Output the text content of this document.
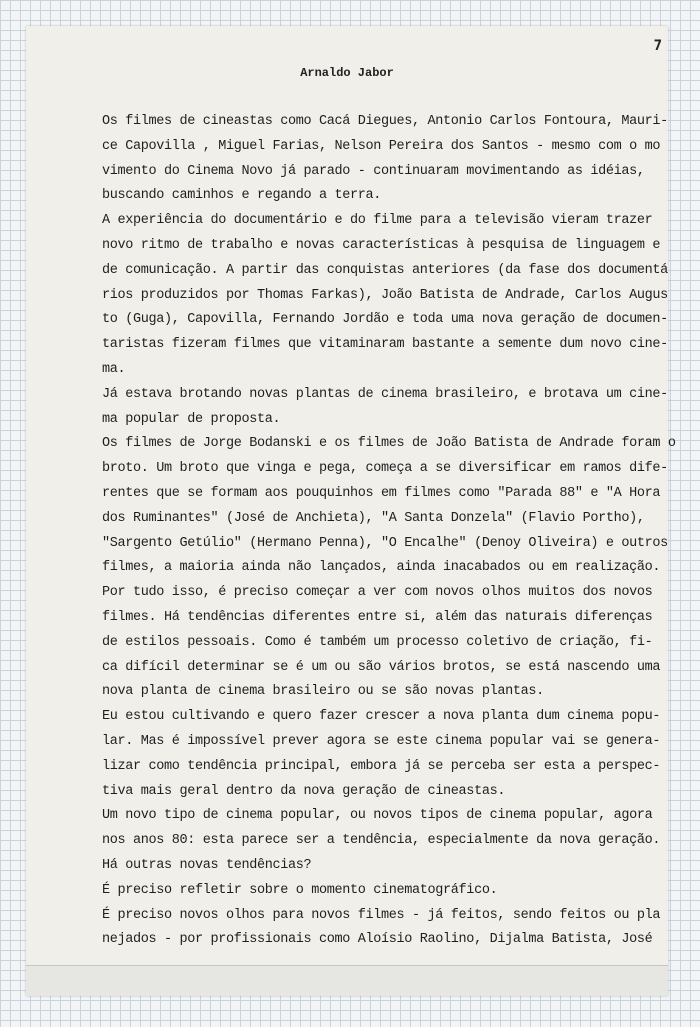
7
Arnaldo Jabor
Os filmes de cineastas como Cacá Diegues, Antonio Carlos Fontoura, Mauri-
ce Capovilla , Miguel Farias, Nelson Pereira dos Santos - mesmo com o mo
vimento do Cinema Novo já parado - continuaram movimentando as idéias,
buscando caminhos e regando a terra.
A experiência do documentário e do filme para a televisão vieram trazer
novo ritmo de trabalho e novas características à pesquisa de linguagem e
de comunicação. A partir das conquistas anteriores (da fase dos documentá
rios produzidos por Thomas Farkas), João Batista de Andrade, Carlos Augus
to (Guga), Capovilla, Fernando Jordão e toda uma nova geração de documen-
taristas fizeram filmes que vitaminaram bastante a semente dum novo cine-
ma.
Já estava brotando novas plantas de cinema brasileiro, e brotava um cine-
ma popular de proposta.
Os filmes de Jorge Bodanski e os filmes de João Batista de Andrade foram o
broto. Um broto que vinga e pega, começa a se diversificar em ramos dife-
rentes que se formam aos pouquinhos em filmes como "Parada 88" e "A Hora
dos Ruminantes" (José de Anchieta), "A Santa Donzela" (Flavio Portho),
"Sargento Getúlio" (Hermano Penna), "O Encalhe" (Denoy Oliveira) e outros
filmes, a maioria ainda não lançados, ainda inacabados ou em realização.
Por tudo isso, é preciso começar a ver com novos olhos muitos dos novos
filmes. Há tendências diferentes entre si, além das naturais diferenças
de estilos pessoais. Como é também um processo coletivo de criação, fi-
ca difícil determinar se é um ou são vários brotos, se está nascendo uma
nova planta de cinema brasileiro ou se são novas plantas.
Eu estou cultivando e quero fazer crescer a nova planta dum cinema popu-
lar. Mas é impossível prever agora se este cinema popular vai se genera-
lizar como tendência principal, embora já se perceba ser esta a perspec-
tiva mais geral dentro da nova geração de cineastas.
Um novo tipo de cinema popular, ou novos tipos de cinema popular, agora
nos anos 80: esta parece ser a tendência, especialmente da nova geração.
Há outras novas tendências?
É preciso refletir sobre o momento cinematográfico.
É preciso novos olhos para novos filmes - já feitos, sendo feitos ou pla
nejados - por profissionais como Aloísio Raolino, Dijalma Batista, José
